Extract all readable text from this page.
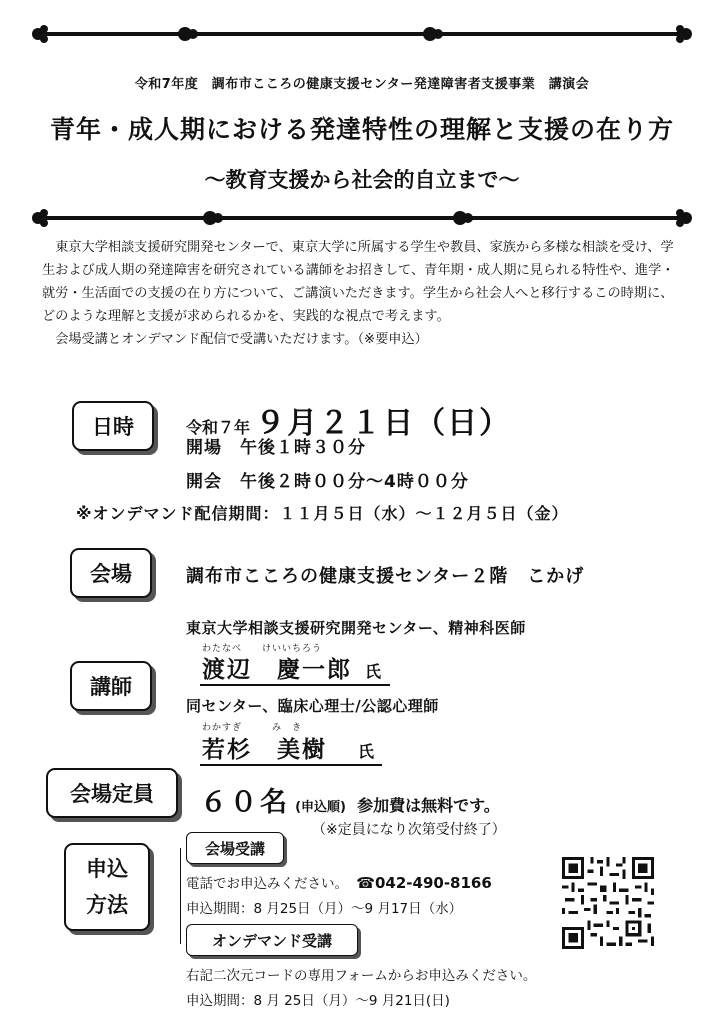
令和7年度　調布市こころの健康支援センター発達障害者支援事業　講演会
青年・成人期における発達特性の理解と支援の在り方
～教育支援から社会的自立まで～

東京大学相談支援研究開発センターで、東京大学に所属する学生や教員、家族から多様な相談を受け、学生および成人期の発達障害を研究されている講師をお招きして、青年期・成人期に見られる特性や、進学・就労・生活面での支援の在り方について、ご講演いただきます。学生から社会人へと移行するこの時期に、どのような理解と支援が求められるかを、実践的な視点で考えます。

会場受講とオンデマンド配信で受講いただけます。（※要申込）

日時	令和７年 ９月２１日（日）
開場　午後１時３０分
開会　午後２時００分～4時００分
※オンデマンド配信期間：１１月５日（水）～１２月５日（金）
会場	調布市こころの健康支援センター２階　こかげ
東京大学相談支援研究開発センター、精神科医師
わたなべ　　けいいちろう
渡辺　慶一郎 氏
講師
同センター、臨床心理士/公認心理師
わかすぎ　　　み　き
若杉　美樹 氏
会場定員 ６０名 (申込順) 参加費は無料です。
（※定員になり次第受付終了）
申込
方法
会場受講
電話でお申込みください。 ☎042-490-8166
申込期間：8 月25日（月）～9 月17日（水）
オンデマンド受講
右記二次元コードの専用フォームからお申込みください。
申込期間：8 月 25日（月）～9 月21日(日)
